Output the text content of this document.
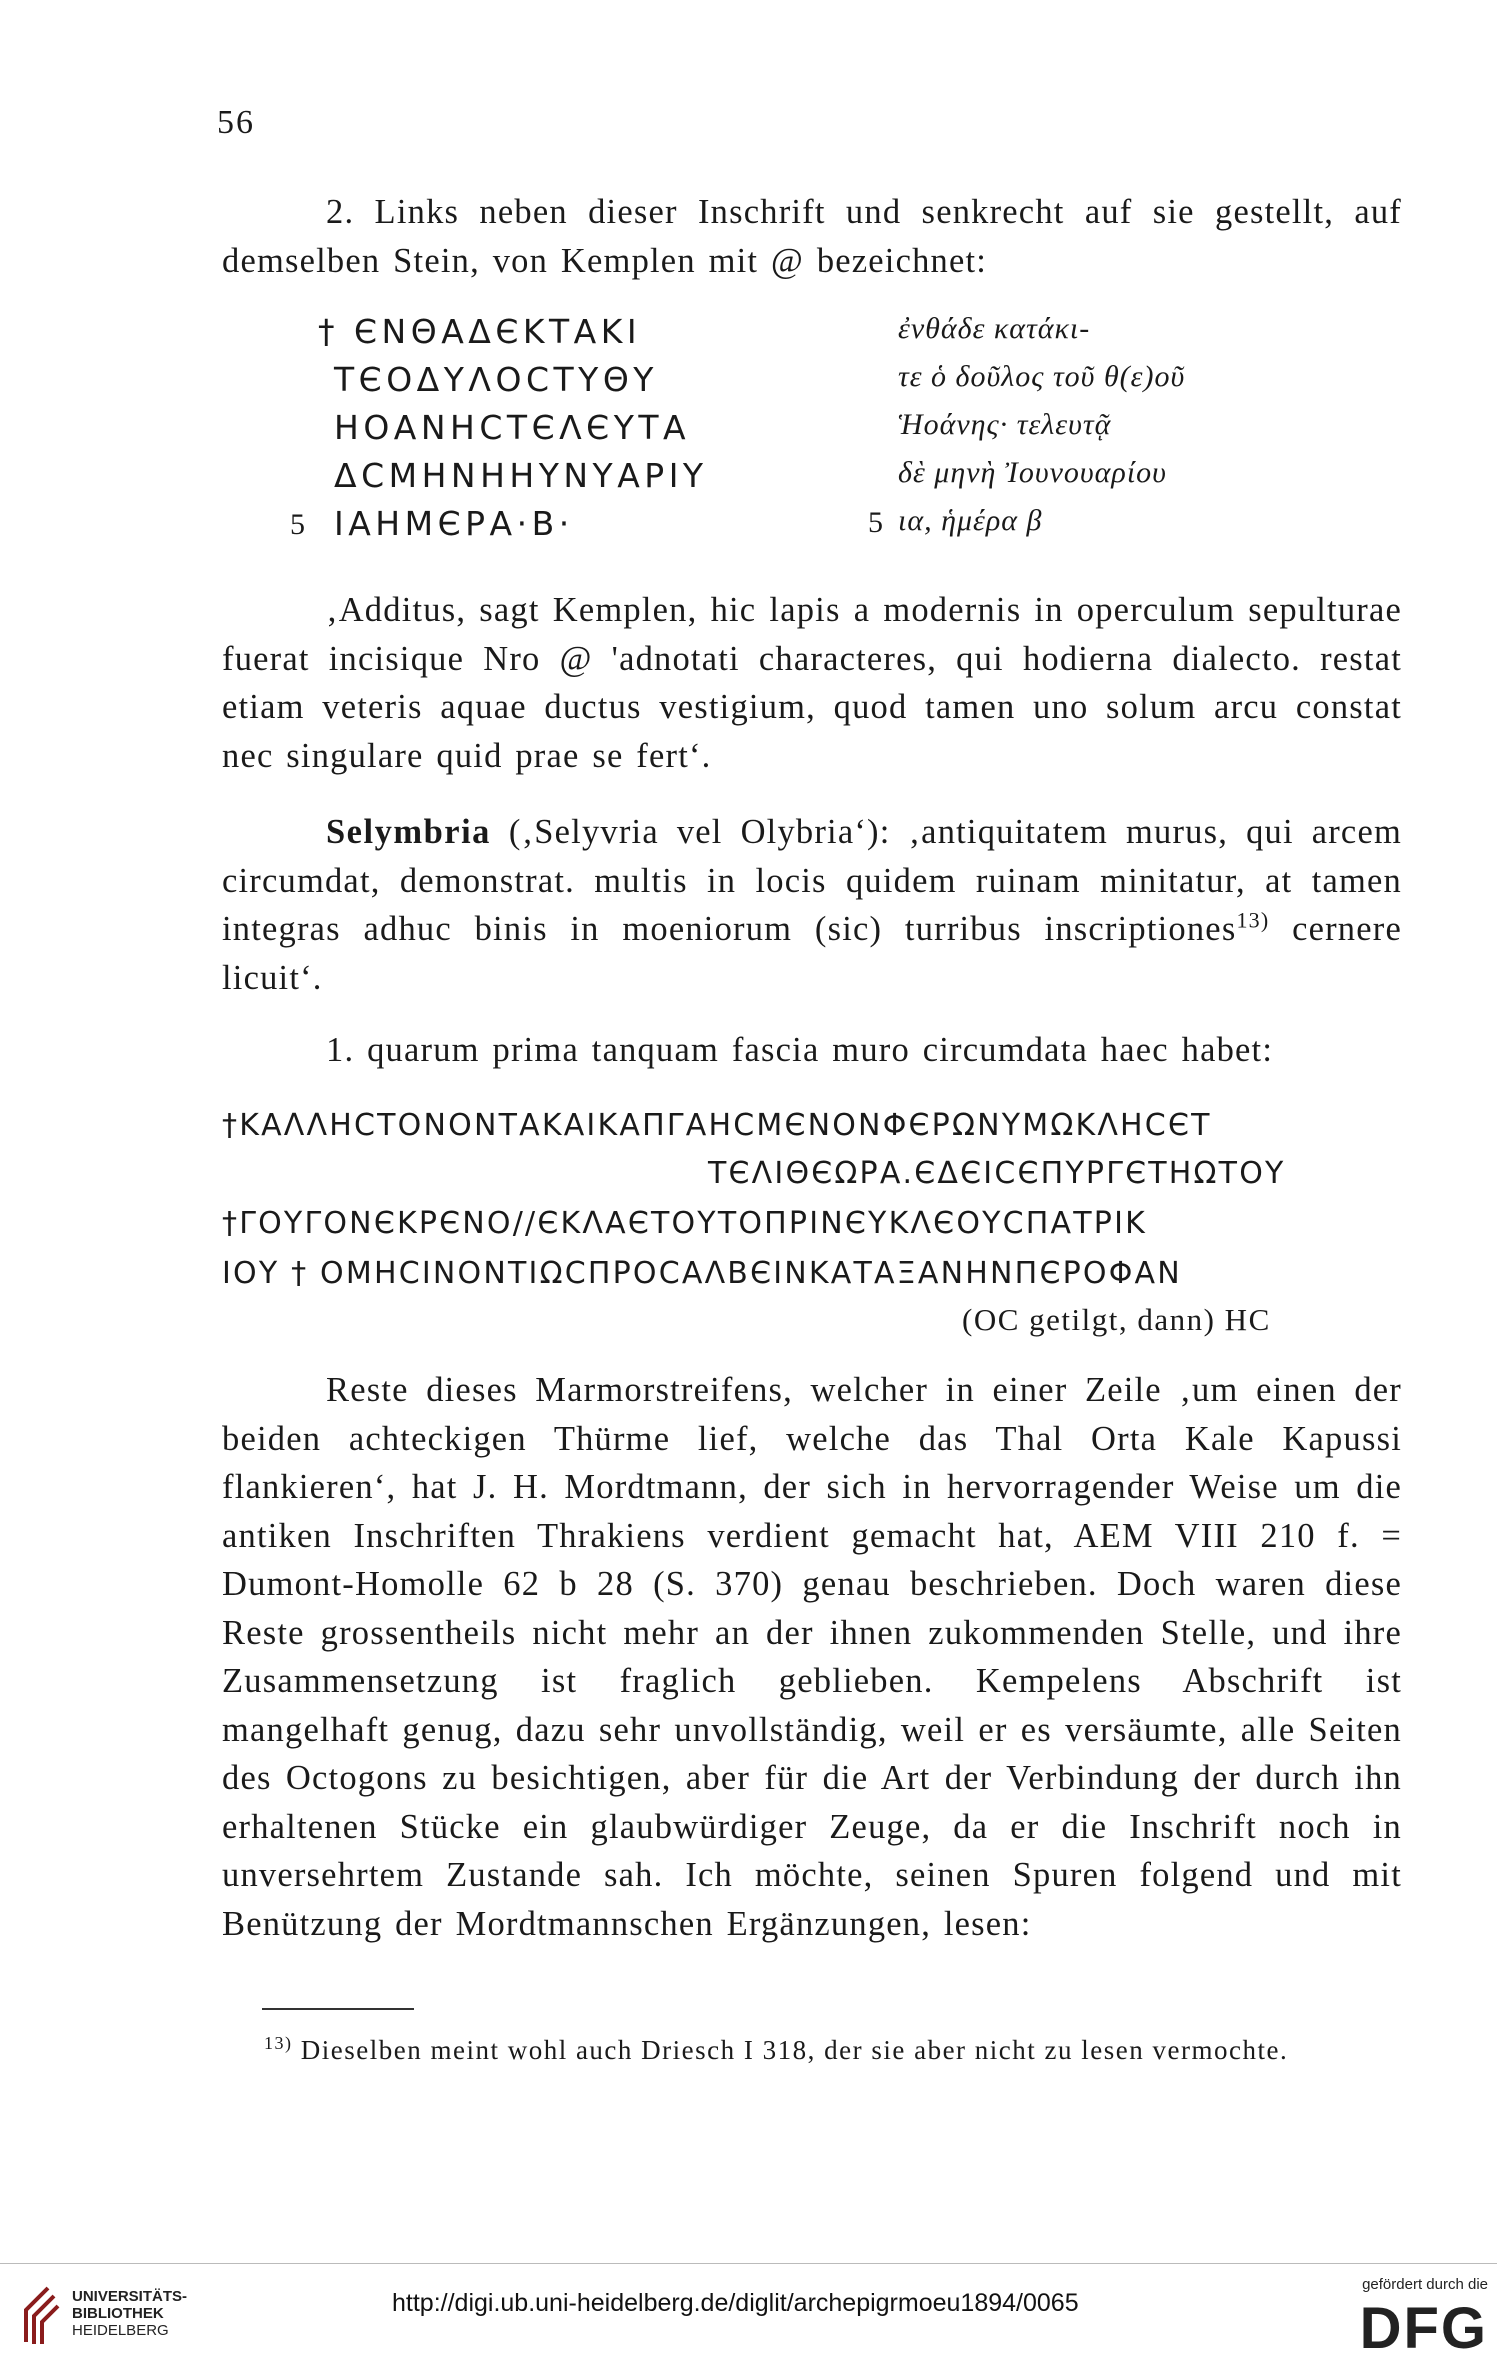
56

2. Links neben dieser Inschrift und senkrecht auf sie gestellt, auf demselben Stein, von Kemplen mit @ bezeichnet:

† ЄΝΘΑΔЄΚΤΑΚΙ	ἐνθάδε κατάκι-
ΤЄΟΔΥΛΟCΤΥΘΥ	τε ὁ δοῦλος τοῦ θ(ε)οῦ
ΗΟΑΝΗCΤЄΛЄΥΤΑ	Ἡοάνης· τελευτᾷ
ΔCΜΗΝΗΗΥΝΥΑΡΙΥ	δὲ μηνὴ Ἰουνουαρίου
5 ΙΑΗΜЄΡΑ·Β·	5 ια, ἡμέρα β

‚Additus, sagt Kemplen, hic lapis a modernis in operculum sepulturae fuerat incisique Nro @ 'adnotati characteres, qui hodierna dialecto. restat etiam veteris aquae ductus vestigium, quod tamen uno solum arcu constat nec singulare quid prae se fert‘.

Selymbria (‚Selyvria vel Olybria‘): ‚antiquitatem murus, qui arcem circumdat, demonstrat. multis in locis quidem ruinam minitatur, at tamen integras adhuc binis in moeniorum (sic) turribus inscriptiones$^{13)}$ cernere licuit‘.

1. quarum prima tanquam fascia muro circumdata haec habet:

†ΚΑΛΛΗCΤΟΝΟΝΤΑΚΑΙΚΑΠΓΑΗCΜЄΝΟΝΦЄΡΩΝΥΜΩΚΛΗCЄΤ
ΤЄΛΙΘЄΩΡΑ.ЄΔЄΙCЄΠΥΡΓЄΤΗΩΤΟΥ
†ΓΟΥΓΟΝЄΚΡЄΝΟ//ЄΚΛΑЄΤΟΥΤΟΠΡΙΝЄΥΚΛЄΟΥCΠΑΤΡΙΚ
ΙΟΥ † ΟΜΗCΙΝΟΝΤΙΩCΠΡΟCΑΛΒЄΙΝΚΑΤΑΞΑΝΗΝΠЄΡΟΦΑΝ
(ΟC getilgt, dann) ΗC

Reste dieses Marmorstreifens, welcher in einer Zeile ‚um einen der beiden achteckigen Thürme lief, welche das Thal Orta Kale Kapussi flankieren‘, hat J. H. Mordtmann, der sich in hervorragender Weise um die antiken Inschriften Thrakiens verdient gemacht hat, AEM VIII 210 f. = Dumont-Homolle 62 b 28 (S. 370) genau beschrieben. Doch waren diese Reste grossentheils nicht mehr an der ihnen zukommenden Stelle, und ihre Zusammensetzung ist fraglich geblieben. Kempelens Abschrift ist mangelhaft genug, dazu sehr unvollständig, weil er es versäumte, alle Seiten des Octogons zu besichtigen, aber für die Art der Verbindung der durch ihn erhaltenen Stücke ein glaubwürdiger Zeuge, da er die Inschrift noch in unversehrtem Zustande sah. Ich möchte, seinen Spuren folgend und mit Benützung der Mordtmannschen Ergänzungen, lesen:

$^{13)}$ Dieselben meint wohl auch Driesch I 318, der sie aber nicht zu lesen vermochte.

UNIVERSITÄTS-
BIBLIOTHEK
HEIDELBERG
http://digi.ub.uni-heidelberg.de/diglit/archepigrmoeu1894/0065
gefördert durch die
DFG
